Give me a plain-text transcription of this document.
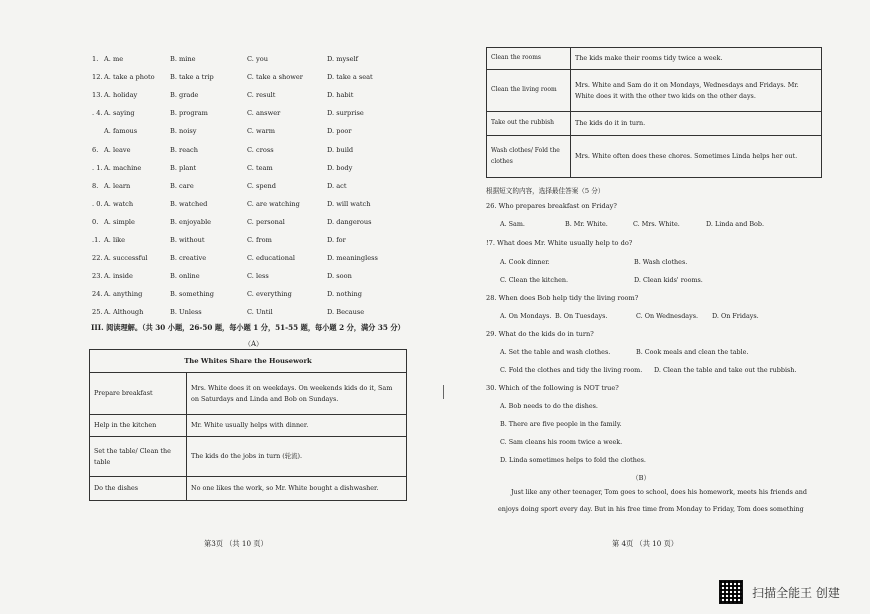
1. A. me	B. mine	C. you	D. myself
12. A. take a photo B. take a trip	C. take a shower	D. take a seat
13. A. holiday	B. grade	C. result	D. habit
. 4. A. saying	B. program	C. answer	D. surprise
A. famous	B. noisy	C. warm	D. poor
6. A. leave	B. reach	C. cross	D. build
. 1. A. machine	B. plant	C. team	D. body
8. A. learn	B. care	C. spend	D. act
. 0. A. watch	B. watched	C. are watching	D. will watch
0. A. simple	B. enjoyable	C. personal	D. dangerous
.1. A. like	B. without	C. from	D. for
22. A. successful	B. creative	C. educational	D. meaningless
23. A. inside	B. online	C. less	D. soon
24. A. anything	B. something	C. everything	D. nothing
25. A. Although	B. Unless	C. Until	D. Because
III. 阅读理解。（共 30 小题，26-50 题，每小题 1 分，51-55 题，每小题 2 分，满分 35 分）
（A）
The Whites Share the Housework	
Prepare breakfast	Mrs. White does it on weekdays. On weekends kids do it, Sam on Saturdays and Linda and Bob on Sundays.
Help in the kitchen	Mr. White usually helps with dinner.
Set the table/ Clean the table	The kids do the jobs in turn (轮流).
Do the dishes	No one likes the work, so Mr. White bought a dishwasher.
第3页 （共 10 页）
Clean the rooms	The kids make their rooms tidy twice a week.
Clean the living room	Mrs. White and Sam do it on Mondays, Wednesdays and Fridays. Mr. White does it with the other two kids on the other days.
Take out the rubbish	The kids do it in turn.
Wash clothes/ Fold the clothes	Mrs. White often does these chores. Sometimes Linda helps her out.
根据短文的内容，选择最佳答案（5 分）
26. Who prepares breakfast on Friday?
A. Sam.	B. Mr. White.	C. Mrs. White.	D. Linda and Bob.
!7. What does Mr. White usually help to do?
A. Cook dinner.	B. Wash clothes.
C. Clean the kitchen.	D. Clean kids' rooms.
28. When does Bob help tidy the living room?
A. On Mondays. B. On Tuesdays.	C. On Wednesdays. D. On Fridays.
29. What do the kids do in turn?
A. Set the table and wash clothes.	B. Cook meals and clean the table.
C. Fold the clothes and tidy the living room. D. Clean the table and take out the rubbish.
30. Which of the following is NOT true?
A. Bob needs to do the dishes.
B. There are five people in the family.
C. Sam cleans his room twice a week.
D. Linda sometimes helps to fold the clothes.
（B）
Just like any other teenager, Tom goes to school, does his homework, meets his friends and
enjoys doing sport every day. But in his free time from Monday to Friday, Tom does something
第 4页 （共 10 页）
扫描全能王 创建
